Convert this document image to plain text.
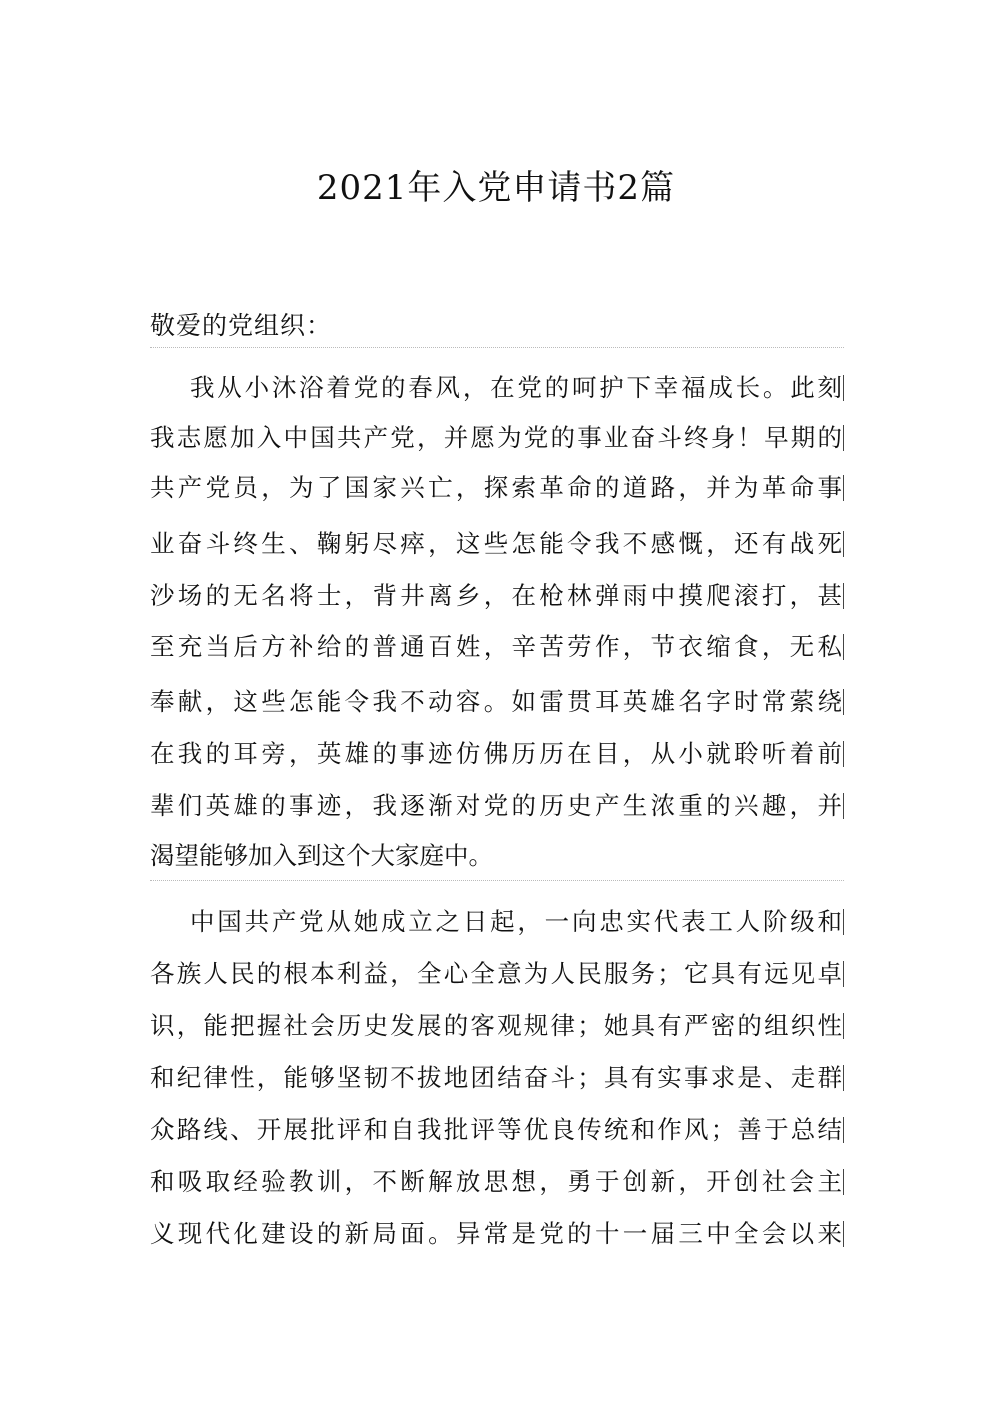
2021年入党申请书2篇
敬爱的党组织：
我从小沐浴着党的春风，在党的呵护下幸福成长。此刻
我志愿加入中国共产党，并愿为党的事业奋斗终身！早期的
共产党员，为了国家兴亡，探索革命的道路，并为革命事
业奋斗终生、鞠躬尽瘁，这些怎能令我不感慨，还有战死
沙场的无名将士，背井离乡，在枪林弹雨中摸爬滚打，甚
至充当后方补给的普通百姓，辛苦劳作，节衣缩食，无私
奉献，这些怎能令我不动容。如雷贯耳英雄名字时常萦绕
在我的耳旁，英雄的事迹仿佛历历在目，从小就聆听着前
辈们英雄的事迹，我逐渐对党的历史产生浓重的兴趣，并
渴望能够加入到这个大家庭中。
中国共产党从她成立之日起，一向忠实代表工人阶级和
各族人民的根本利益，全心全意为人民服务；它具有远见卓
识，能把握社会历史发展的客观规律；她具有严密的组织性
和纪律性，能够坚韧不拔地团结奋斗；具有实事求是、走群
众路线、开展批评和自我批评等优良传统和作风；善于总结
和吸取经验教训，不断解放思想，勇于创新，开创社会主
义现代化建设的新局面。异常是党的十一届三中全会以来
